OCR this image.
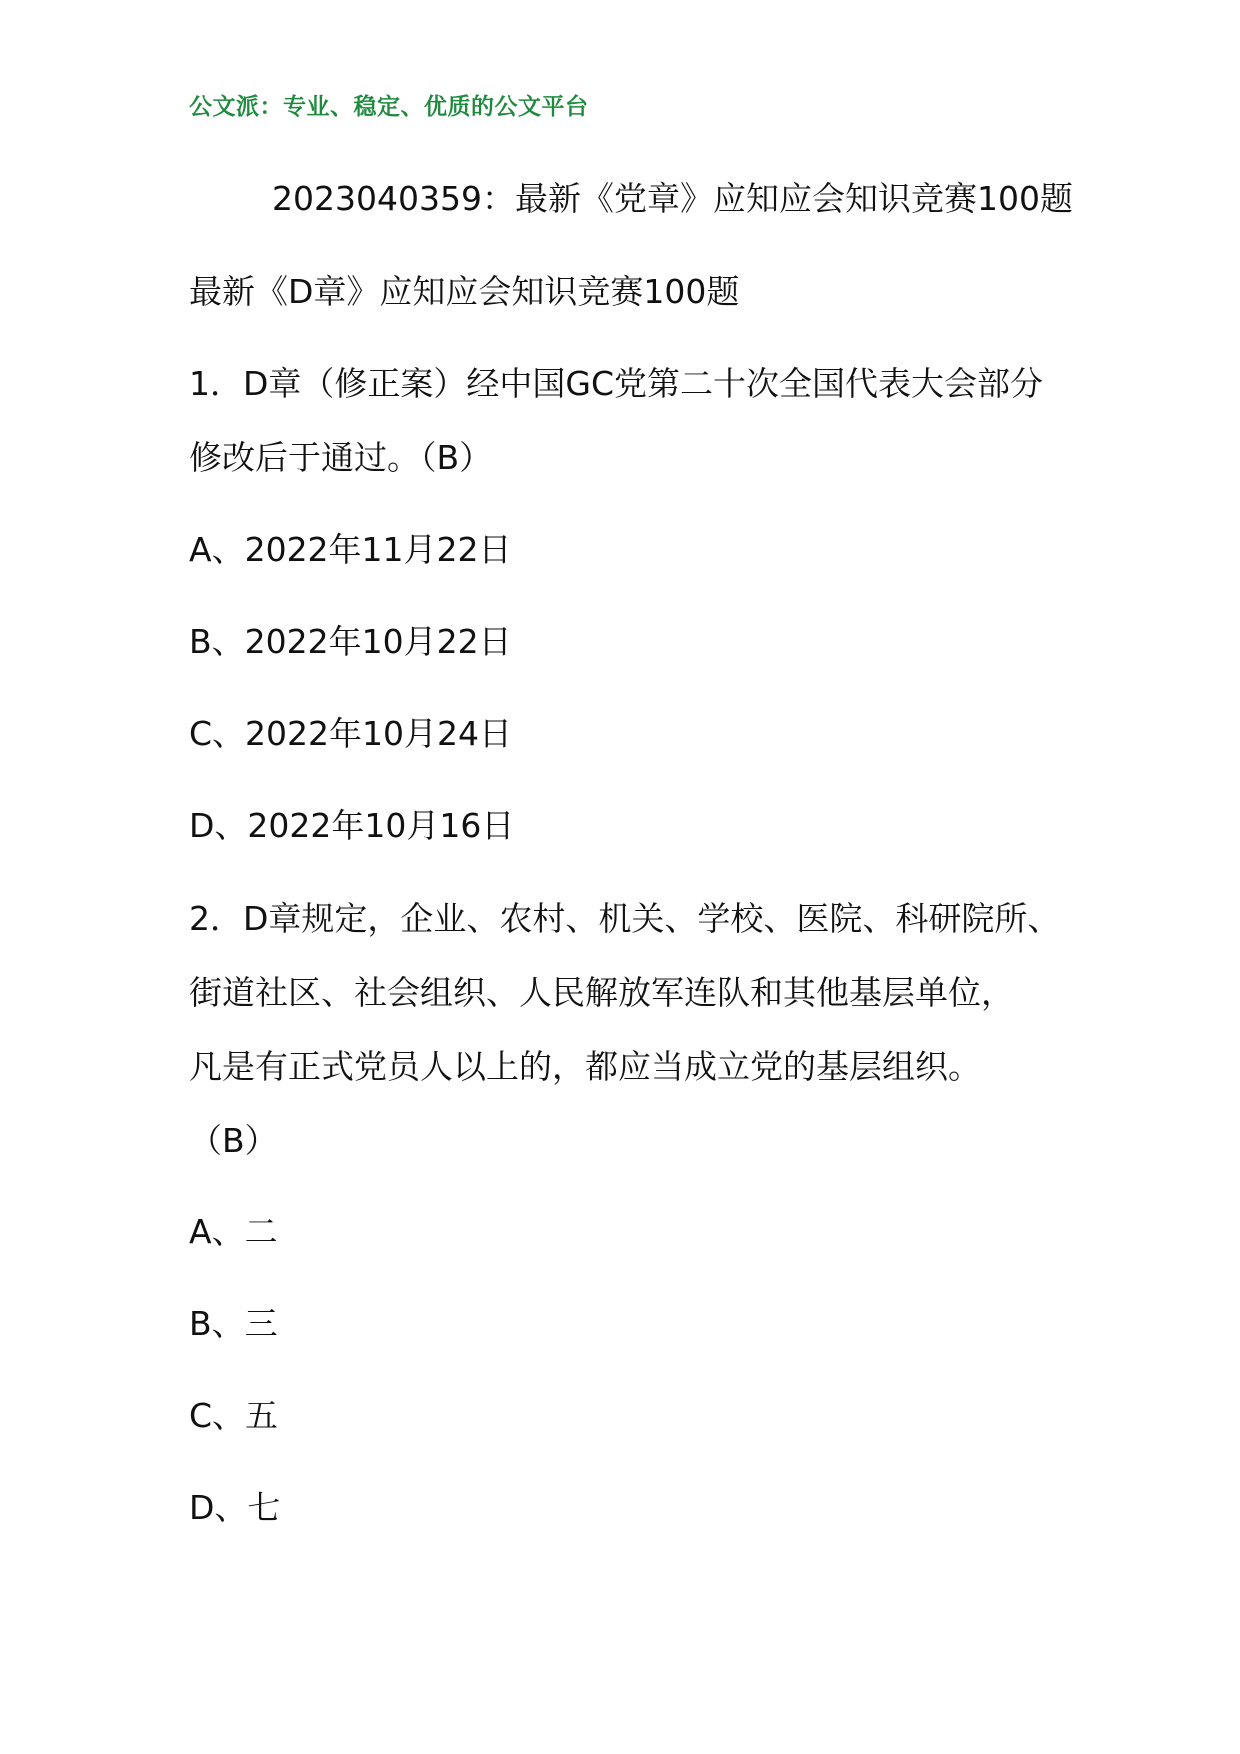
公文派：专业、稳定、优质的公文平台
2023040359：最新《党章》应知应会知识竞赛100题
最新《D章》应知应会知识竞赛100题
1．D章（修正案）经中国GC党第二十次全国代表大会部分
修改后于通过。（B）
A、2022年11月22日
B、2022年10月22日
C、2022年10月24日
D、2022年10月16日
2．D章规定，企业、农村、机关、学校、医院、科研院所、
街道社区、社会组织、人民解放军连队和其他基层单位，
凡是有正式党员人以上的，都应当成立党的基层组织。
（B）
A、二
B、三
C、五
D、七
